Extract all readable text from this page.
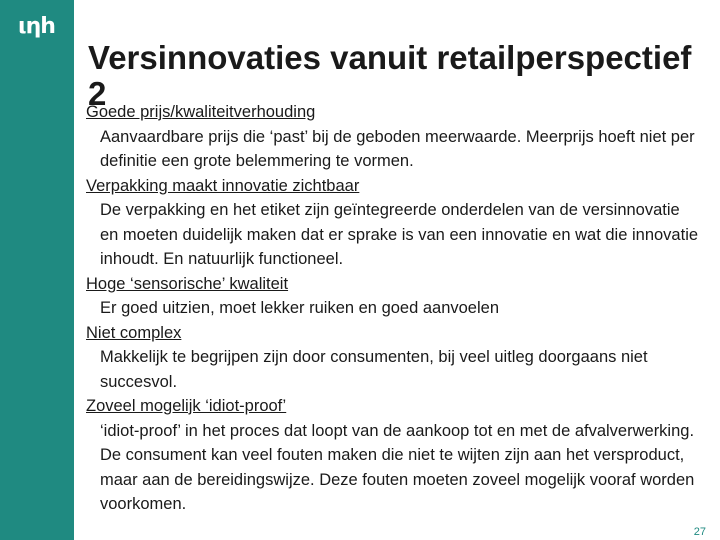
ιηh
Versinnovaties vanuit retailperspectief 2
Goede prijs/kwaliteitverhouding
Aanvaardbare prijs die ‘past’ bij de geboden meerwaarde. Meerprijs hoeft niet per definitie een grote belemmering te vormen.
Verpakking maakt innovatie zichtbaar
De verpakking en het etiket zijn geïntegreerde onderdelen van de versinnovatie en moeten duidelijk maken dat er sprake is van een innovatie en wat die innovatie inhoudt. En natuurlijk functioneel.
Hoge ‘sensorische’ kwaliteit
Er goed uitzien, moet lekker ruiken en goed aanvoelen
Niet complex
Makkelijk te begrijpen zijn door consumenten, bij veel uitleg doorgaans niet succesvol.
Zoveel mogelijk ‘idiot-proof’
‘idiot-proof’ in het proces dat loopt van de aankoop tot en met de afvalverwerking. De consument kan veel fouten maken die niet te wijten zijn aan het versproduct, maar aan de bereidingswijze. Deze fouten moeten zoveel mogelijk vooraf worden voorkomen.
27
